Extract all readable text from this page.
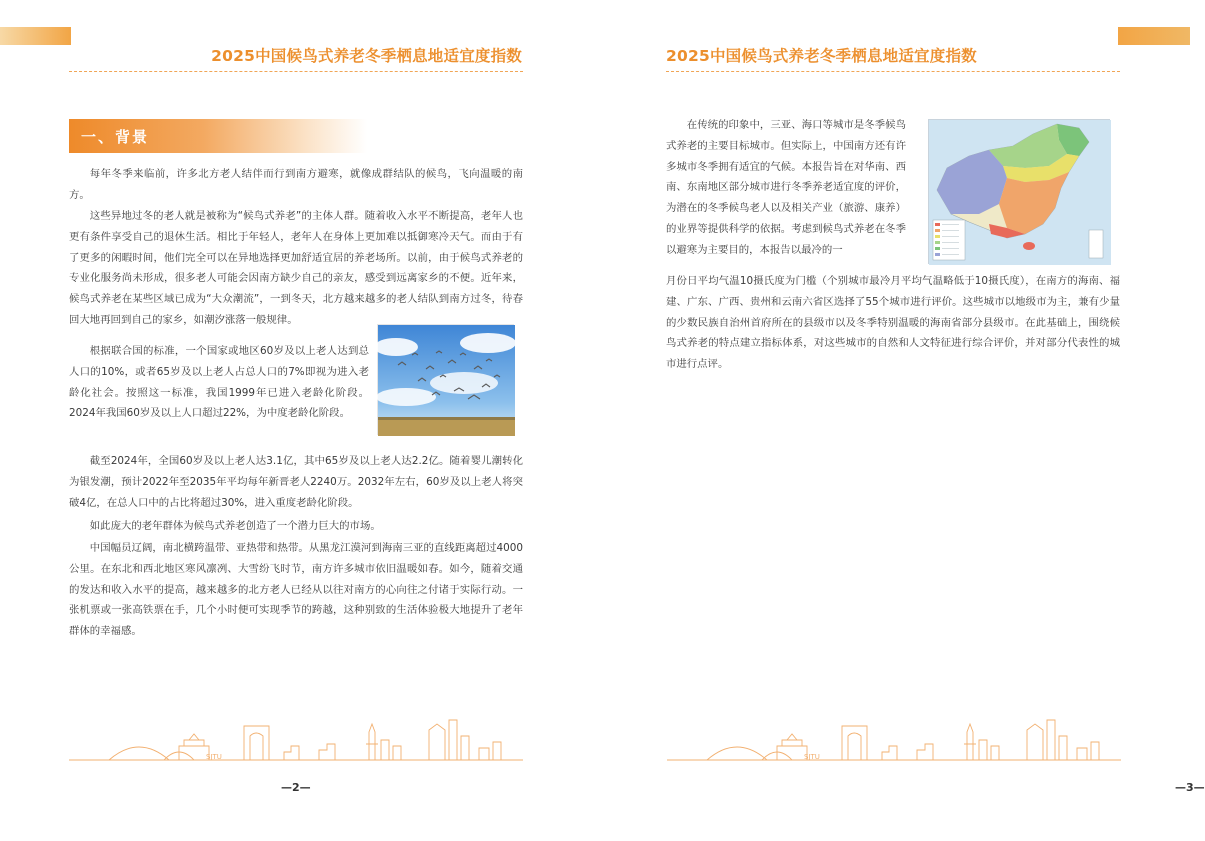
2025中国候鸟式养老冬季栖息地适宜度指数
一、背景

每年冬季来临前，许多北方老人结伴而行到南方避寒，就像成群结队的候鸟，飞向温暖的南方。

这些异地过冬的老人就是被称为“候鸟式养老”的主体人群。随着收入水平不断提高，老年人也更有条件享受自己的退休生活。相比于年轻人，老年人在身体上更加难以抵御寒冷天气。而由于有了更多的闲暇时间，他们完全可以在异地选择更加舒适宜居的养老场所。以前，由于候鸟式养老的专业化服务尚未形成，很多老人可能会因南方缺少自己的亲友，感受到远离家乡的不便。近年来，候鸟式养老在某些区域已成为“大众潮流”，一到冬天，北方越来越多的老人结队到南方过冬，待春回大地再回到自己的家乡，如潮汐涨落一般规律。

根据联合国的标准，一个国家或地区60岁及以上老人达到总人口的10%，或者65岁及以上老人占总人口的7%即视为进入老龄化社会。按照这一标准，我国1999年已进入老龄化阶段。2024年我国60岁及以上人口超过22%，为中度老龄化阶段。

截至2024年，全国60岁及以上老人达3.1亿，其中65岁及以上老人达2.2亿。随着婴儿潮转化为银发潮，预计2022年至2035年平均每年新晋老人2240万。2032年左右，60岁及以上老人将突破4亿，在总人口中的占比将超过30%，进入重度老龄化阶段。

如此庞大的老年群体为候鸟式养老创造了一个潜力巨大的市场。

中国幅员辽阔，南北横跨温带、亚热带和热带。从黑龙江漠河到海南三亚的直线距离超过4000公里。在东北和西北地区寒风凛冽、大雪纷飞时节，南方许多城市依旧温暖如春。如今，随着交通的发达和收入水平的提高，越来越多的北方老人已经从以往对南方的心向往之付诸于实际行动。一张机票或一张高铁票在手，几个小时便可实现季节的跨越，这种别致的生活体验极大地提升了老年群体的幸福感。

SJTU
—2—
2025中国候鸟式养老冬季栖息地适宜度指数

在传统的印象中，三亚、海口等城市是冬季候鸟式养老的主要目标城市。但实际上，中国南方还有许多城市冬季拥有适宜的气候。本报告旨在对华南、西南、东南地区部分城市进行冬季养老适宜度的评价，为潜在的冬季候鸟老人以及相关产业（旅游、康养）的业界等提供科学的依据。考虑到候鸟式养老在冬季以避寒为主要目的，本报告以最冷的一

月份日平均气温10摄氏度为门槛（个别城市最冷月平均气温略低于10摄氏度），在南方的海南、福建、广东、广西、贵州和云南六省区选择了55个城市进行评价。这些城市以地级市为主，兼有少量的少数民族自治州首府所在的县级市以及冬季特别温暖的海南省部分县级市。在此基础上，围绕候鸟式养老的特点建立指标体系，对这些城市的自然和人文特征进行综合评价，并对部分代表性的城市进行点评。

SJTU
—3—
